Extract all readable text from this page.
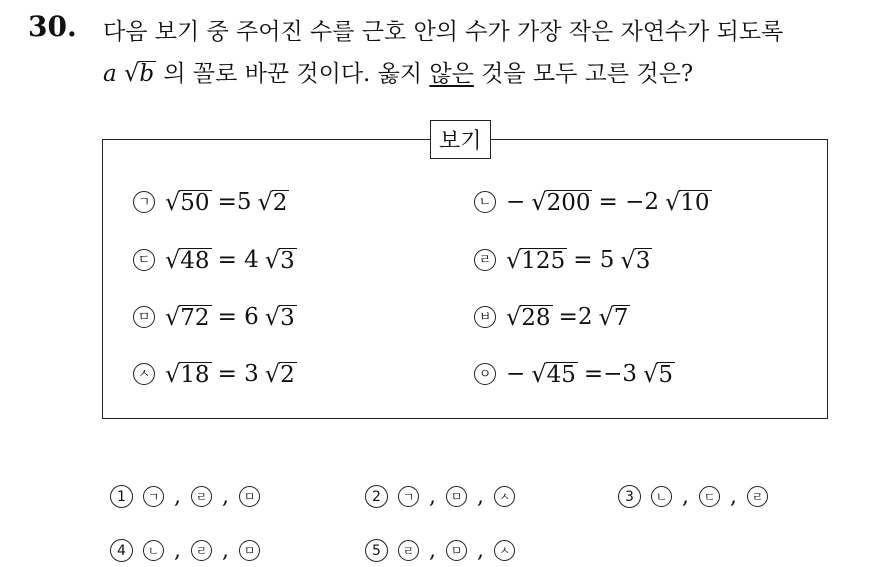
30. 다음 보기 중 주어진 수를 근호 안의 수가 가장 작은 자연수가 되도록
a √ b 의 꼴로 바꾼 것이다. 옳지 않은 것을 모두 고른 것은?
보기
ㄱ √ 50 =5 √ 2	ㄴ − √ 200 = −2 √ 10
ㄷ √ 48 = 4 √ 3	ㄹ √ 125 = 5 √ 3
ㅁ √ 72 = 6 √ 3	ㅂ √ 28 =2 √ 7
ㅅ √ 18 = 3 √ 2	ㅇ − √ 45 =−3 √ 5
1	ㄱ ,	ㄹ ,	ㅁ	2	ㄱ ,	ㅁ ,	ㅅ	3	ㄴ ,	ㄷ ,	ㄹ
4	ㄴ ,	ㄹ ,	ㅁ	5	ㄹ ,	ㅁ ,	ㅅ
